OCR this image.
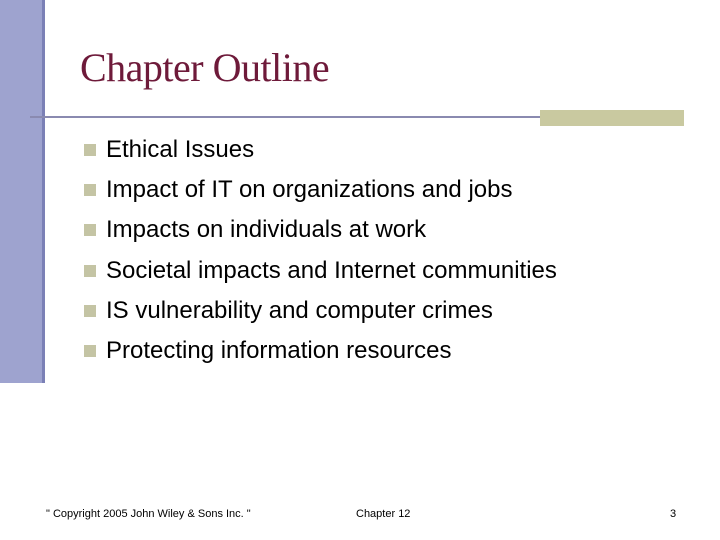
Chapter Outline
Ethical Issues
Impact of IT on organizations and jobs
Impacts on individuals at work
Societal impacts and Internet communities
IS vulnerability and computer crimes
Protecting information resources
" Copyright 2005 John Wiley & Sons Inc. "	Chapter 12	3
